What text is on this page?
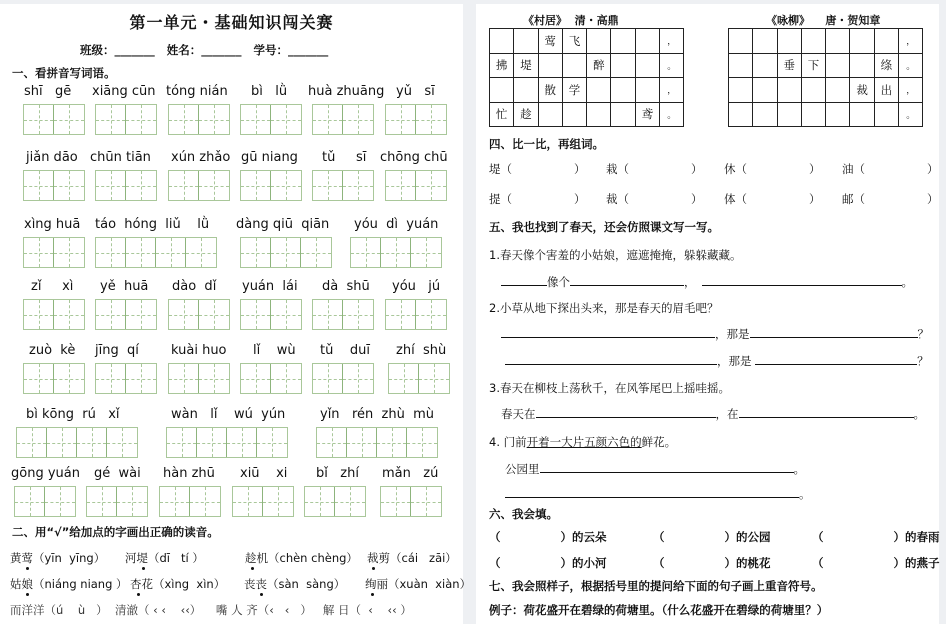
第一单元・基础知识闯关赛
班级：_______ 姓名：_______ 学号：_______
一、看拼音写词语。
shī   gē xiāng cūn tóng nián bì   lǜ huà zhuāng yǔ   sī
jiǎn dāo chūn tiān xún zhǎo gū niang tǔ     sī chōng chū
xìng huā táo  hóng  liǔ    lǜ dàng qiū  qiān yóu  dì  yuán
zǐ     xì yě  huā dào  dǐ yuán  lái dà  shū yóu   jú
zuò  kè jīng  qí kuài huo lǐ    wù tǔ    duī zhí  shù
bì kōng  rú   xǐ	wàn   lǐ    wú  yún	yǐn   rén  zhù  mù
gōng yuán gé  wài hàn zhū xiū    xi bǐ   zhí mǎn   zú
二、用“√”给加点的字画出正确的读音。
黄莺（yīn  yīng） 河堤（dī   tí ）	趁机（chèn chèng） 裁剪（cái   zāi）
姑娘（niáng niang ） 杏花（xìng  xìn） 丧丧（sàn  sàng） 绚丽（xuàn  xiàn）
而洋洋（ú    ù   ）  清澈（ ‹ ‹    ‹‹）    嘴 人 齐（‹   ‹   ）   解 日（  ‹    ‹‹ ）
《村居》  清・高鼎
		莺	飞				，
拂	堤			醉			。
		散	学				，
忙	趁					鸢	。
《咏柳》    唐・贺知章
							，
		垂	下			绦	。
					裁	出	，
							。
四、比一比，再组词。
堤（	） 栽（	） 休（	） 油（	）
提（	） 裁（	） 体（	） 邮（	）
五、我也找到了春天，还会仿照课文写一写。
1.春天像个害羞的小姑娘，遮遮掩掩，躲躲藏藏。
像个	，	。
2.小草从地下探出头来，那是春天的眉毛吧？
，那是	？
，那是	？
3.春天在柳枝上荡秋千，在风筝尾巴上摇哇摇。
春天在	，在	。
4. 门前开着一大片五颜六色的鲜花。
公园里	。
。
六、我会填。
（	）的云朵	（	）的公园	（	）的春雨
（	）的小河	（	）的桃花	（	）的燕子
七、我会照样子，根据括号里的提问给下面的句子画上重音符号。
例子：荷花盛开在碧绿的荷塘里。（什么花盛开在碧绿的荷塘里？）
